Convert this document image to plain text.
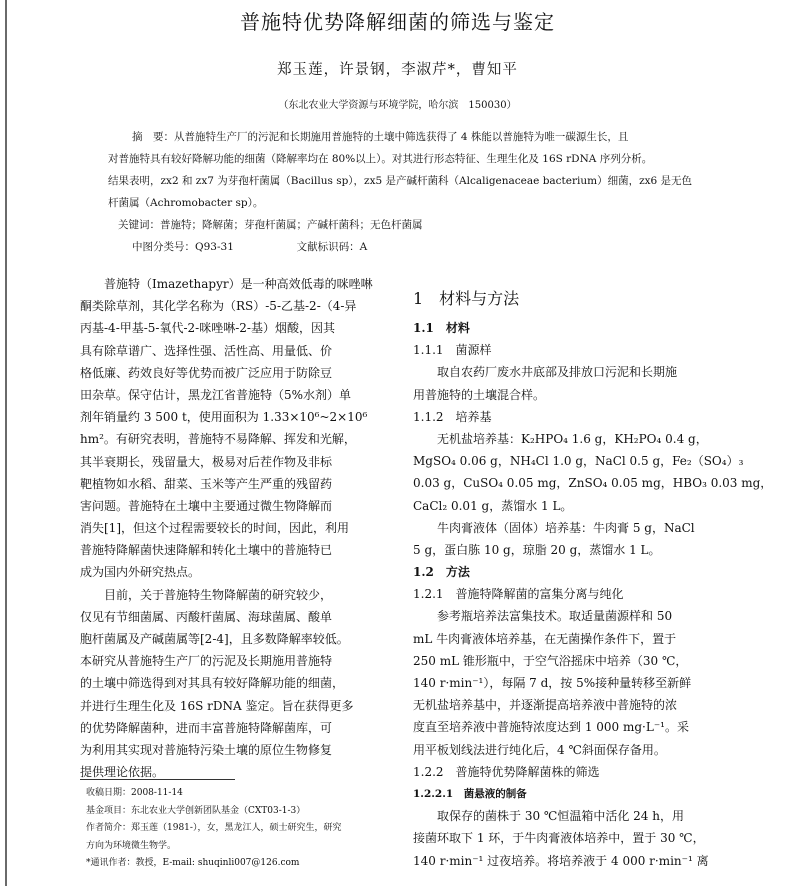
普施特优势降解细菌的筛选与鉴定
郑玉莲，许景钢，李淑芹*，曹知平
（东北农业大学资源与环境学院，哈尔滨　150030）
摘　要：从普施特生产厂的污泥和长期施用普施特的土壤中筛选获得了 4 株能以普施特为唯一碳源生长，且
对普施特具有较好降解功能的细菌（降解率均在 80%以上）。对其进行形态特征、生理生化及 16S rDNA 序列分析。
结果表明，zx2 和 zx7 为芽孢杆菌属（Bacillus sp），zx5 是产碱杆菌科（Alcaligenaceae bacterium）细菌，zx6 是无色
杆菌属（Achromobacter sp）。
关键词：普施特；降解菌；芽孢杆菌属；产碱杆菌科；无色杆菌属
中图分类号：Q93-31	文献标识码：A
普施特（Imazethapyr）是一种高效低毒的咪唑啉
酮类除草剂，其化学名称为（RS）-5-乙基-2-（4-异
丙基-4-甲基-5-氧代-2-咪唑啉-2-基）烟酸，因其
具有除草谱广、选择性强、活性高、用量低、价
格低廉、药效良好等优势而被广泛应用于防除豆
田杂草。保守估计，黑龙江省普施特（5%水剂）单
剂年销量约 3 500 t，使用面积为 1.33×10⁶~2×10⁶
hm²。有研究表明，普施特不易降解、挥发和光解，
其半衰期长，残留量大，极易对后茬作物及非标
靶植物如水稻、甜菜、玉米等产生严重的残留药
害问题。普施特在土壤中主要通过微生物降解而
消失[1]，但这个过程需要较长的时间，因此，利用
普施特降解菌快速降解和转化土壤中的普施特已
成为国内外研究热点。
目前，关于普施特生物降解菌的研究较少，
仅见有节细菌属、丙酸杆菌属、海球菌属、酸单
胞杆菌属及产碱菌属等[2-4]，且多数降解率较低。
本研究从普施特生产厂的污泥及长期施用普施特
的土壤中筛选得到对其具有较好降解功能的细菌，
并进行生理生化及 16S rDNA 鉴定。旨在获得更多
的优势降解菌种，进而丰富普施特降解菌库，可
为利用其实现对普施特污染土壤的原位生物修复
提供理论依据。
收稿日期：2008-11-14
基金项目：东北农业大学创新团队基金（CXT03-1-3）
作者简介：郑玉莲（1981-），女，黑龙江人，硕士研究生，研究
方向为环境微生物学。
*通讯作者：教授，E-mail: shuqinli007@126.com
1　材料与方法
1.1　材料
1.1.1　菌源样
取自农药厂废水井底部及排放口污泥和长期施
用普施特的土壤混合样。
1.1.2　培养基
无机盐培养基：K₂HPO₄ 1.6 g，KH₂PO₄ 0.4 g，
MgSO₄ 0.06 g，NH₄Cl 1.0 g，NaCl 0.5 g，Fe₂（SO₄）₃
0.03 g，CuSO₄ 0.05 mg，ZnSO₄ 0.05 mg，HBO₃ 0.03 mg，
CaCl₂ 0.01 g，蒸馏水 1 L。
牛肉膏液体（固体）培养基：牛肉膏 5 g，NaCl
5 g，蛋白胨 10 g，琼脂 20 g，蒸馏水 1 L。
1.2　方法
1.2.1　普施特降解菌的富集分离与纯化
参考瓶培养法富集技术。取适量菌源样和 50
mL 牛肉膏液体培养基，在无菌操作条件下，置于
250 mL 锥形瓶中，于空气浴摇床中培养（30 ℃，
140 r·min⁻¹），每隔 7 d，按 5%接种量转移至新鲜
无机盐培养基中，并逐渐提高培养液中普施特的浓
度直至培养液中普施特浓度达到 1 000 mg·L⁻¹。采
用平板划线法进行纯化后，4 ℃斜面保存备用。
1.2.2　普施特优势降解菌株的筛选
1.2.2.1　菌悬液的制备
取保存的菌株于 30 ℃恒温箱中活化 24 h，用
接菌环取下 1 环，于牛肉膏液体培养中，置于 30 ℃，
140 r·min⁻¹ 过夜培养。将培养液于 4 000 r·min⁻¹ 离
